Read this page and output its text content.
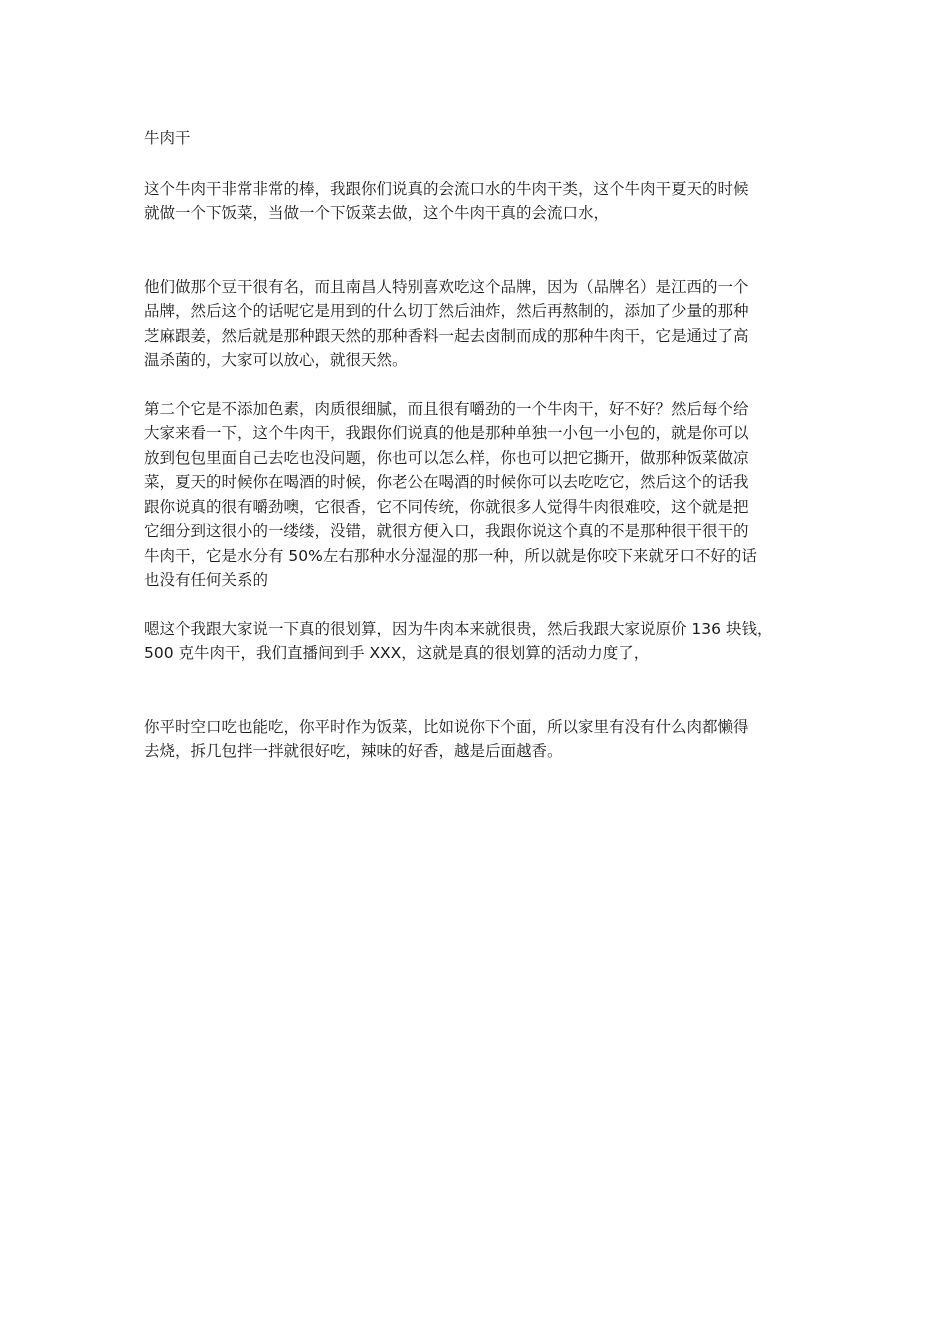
牛肉干

这个牛肉干非常非常的棒，我跟你们说真的会流口水的牛肉干类，这个牛肉干夏天的时候
就做一个下饭菜，当做一个下饭菜去做，这个牛肉干真的会流口水，

他们做那个豆干很有名，而且南昌人特别喜欢吃这个品牌，因为（品牌名）是江西的一个
品牌，然后这个的话呢它是用到的什么切丁然后油炸，然后再熬制的，添加了少量的那种
芝麻跟姜，然后就是那种跟天然的那种香料一起去卤制而成的那种牛肉干，它是通过了高
温杀菌的，大家可以放心，就很天然。

第二个它是不添加色素，肉质很细腻，而且很有嚼劲的一个牛肉干，好不好？然后每个给
大家来看一下，这个牛肉干，我跟你们说真的他是那种单独一小包一小包的，就是你可以
放到包包里面自己去吃也没问题，你也可以怎么样，你也可以把它撕开，做那种饭菜做凉
菜，夏天的时候你在喝酒的时候，你老公在喝酒的时候你可以去吃吃它，然后这个的话我
跟你说真的很有嚼劲噢，它很香，它不同传统，你就很多人觉得牛肉很难咬，这个就是把
它细分到这很小的一缕缕，没错，就很方便入口，我跟你说这个真的不是那种很干很干的
牛肉干，它是水分有 50%左右那种水分湿湿的那一种，所以就是你咬下来就牙口不好的话
也没有任何关系的

嗯这个我跟大家说一下真的很划算，因为牛肉本来就很贵，然后我跟大家说原价 136 块钱，
500 克牛肉干，我们直播间到手 XXX，这就是真的很划算的活动力度了，

你平时空口吃也能吃，你平时作为饭菜，比如说你下个面，所以家里有没有什么肉都懒得
去烧，拆几包拌一拌就很好吃，辣味的好香，越是后面越香。
